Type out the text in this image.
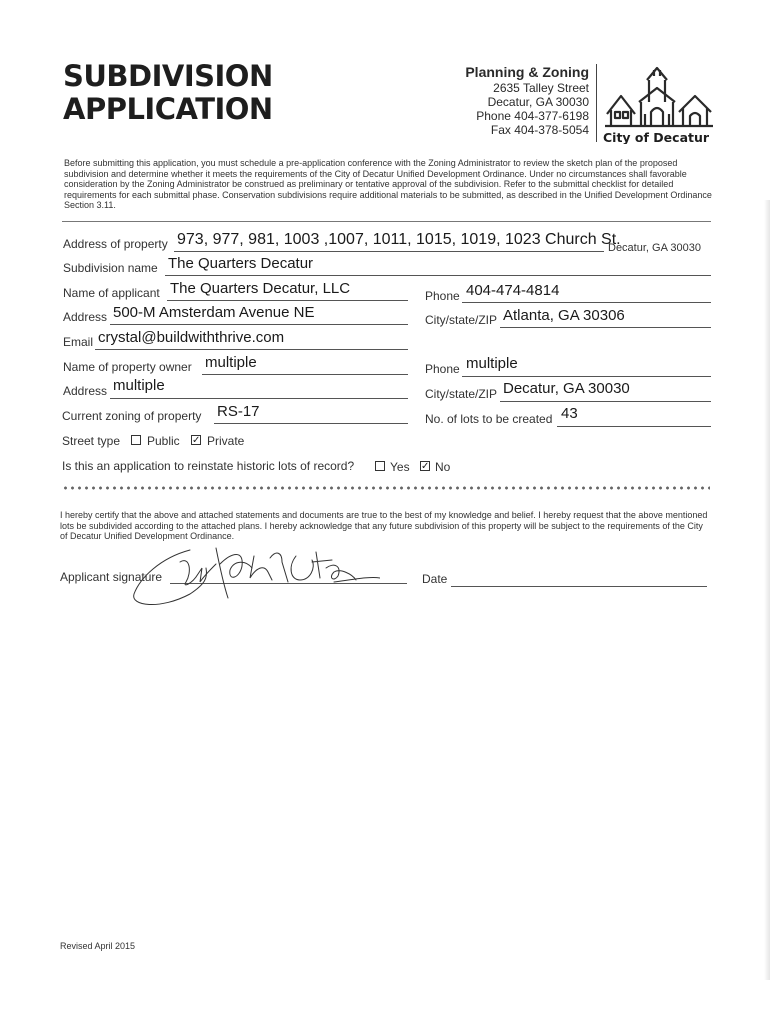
SUBDIVISION
APPLICATION
Planning & Zoning
2635 Talley Street
Decatur, GA 30030
Phone 404-377-6198
Fax 404-378-5054 City of Decatur
Before submitting this application, you must schedule a pre-application conference with the Zoning Administrator to review the sketch plan of the proposed subdivision and determine whether it meets the requirements of the City of Decatur Unified Development Ordinance. Under no circumstances shall favorable consideration by the Zoning Administrator be construed as preliminary or tentative approval of the subdivision. Refer to the submittal checklist for detailed requirements for each submittal phase. Conservation subdivisions require additional materials to be submitted, as described in the Unified Development Ordinance Section 3.11.
Address of property 973, 977, 981, 1003 ,1007, 1011, 1015, 1019, 1023 Church St.
Decatur, GA 30030
Subdivision name The Quarters Decatur
Name of applicant The Quarters Decatur, LLC	Phone 404-474-4814
Address 500-M Amsterdam Avenue NE	City/state/ZIP Atlanta, GA 30306
Email crystal@buildwiththrive.com
Name of property owner multiple	Phone multiple
Address multiple	City/state/ZIP Decatur, GA 30030
Current zoning of property RS-17	No. of lots to be created 43
Street type Public ✓ Private
Is this an application to reinstate historic lots of record?	Yes ✓ No
I hereby certify that the above and attached statements and documents are true to the best of my knowledge and belief. I hereby request that the above mentioned lots be subdivided according to the attached plans. I hereby acknowledge that any future subdivision of this property will be subject to the requirements of the City of Decatur Unified Development Ordinance.
Applicant signature	Date
Revised April 2015
